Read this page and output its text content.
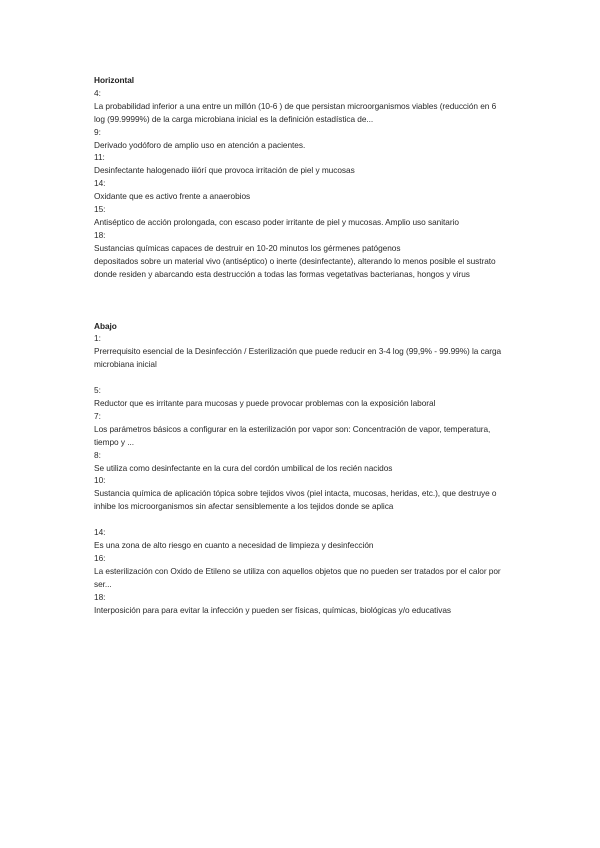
Horizontal
4:
La probabilidad inferior a una entre un millón (10-6 ) de que persistan microorganismos viables (reducción en 6 log (99.9999%) de la carga microbiana inicial es la definición estadística de...
9:
Derivado yodóforo de amplio uso en atención a pacientes.
11:
Desinfectante halogenado iiiórí que provoca irritación de piel y mucosas
14:
Oxidante que es activo frente a anaerobios
15:
Antiséptico de acción prolongada, con escaso poder irritante de piel y mucosas. Amplio uso sanitario
18:
Sustancias químicas capaces de destruir en 10-20 minutos los gérmenes patógenos
depositados sobre un material vivo (antiséptico) o inerte (desinfectante), alterando lo menos posible el sustrato donde residen y abarcando esta destrucción a todas las formas vegetativas bacterianas, hongos y virus
Abajo
1:
Prerrequisito esencial de la Desinfección / Esterilización que puede reducir en 3-4 log (99,9% - 99.99%) la carga microbiana inicial
5:
Reductor que es irritante para mucosas y puede provocar problemas con la exposición laboral
7:
Los parámetros básicos a configurar en la esterilización por vapor son: Concentración de vapor, temperatura, tiempo y ...
8:
Se utiliza como desinfectante en la cura del cordón umbilical de los recién nacidos
10:
Sustancia química de aplicación tópica sobre tejidos vivos (piel intacta, mucosas, heridas, etc.), que destruye o inhibe los microorganismos sin afectar sensiblemente a los tejidos donde se aplica
14:
Es una zona de alto riesgo en cuanto a necesidad de limpieza y desinfección
16:
La esterilización con Oxido de Etileno se utiliza con aquellos objetos que no pueden ser tratados por el calor por ser...
18:
Interposición para para evitar la infección y pueden ser físicas, químicas, biológicas y/o educativas
